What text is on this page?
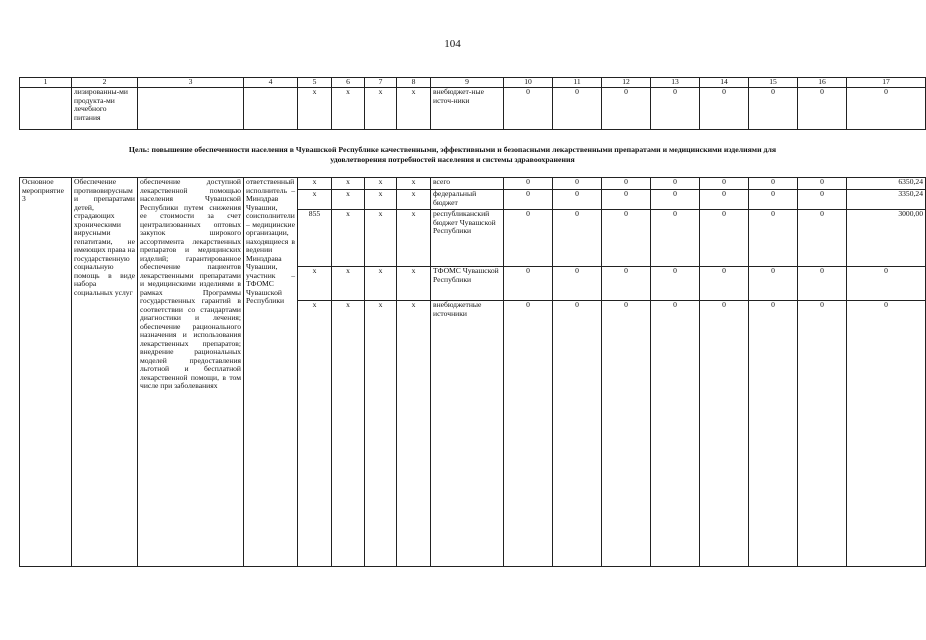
104
1	2	3	4	5	6	7	8	9	10	11	12	13	14	15	16	17
	лизированны-ми продукта-ми лечебного питания			х	х	х	х	внебюджет-ные источ-ники	0	0	0	0	0	0	0	0
Цель: повышение обеспеченности населения в Чувашской Республике качественными, эффективными и безопасными лекарственными препаратами и медицинскими изделиями для удовлетворения потребностей населения и системы здравоохранения
Основное мероприятие 3	Обеспечение противовирусными препаратами детей, страдающих хроническими вирусными гепатитами, не имеющих права на государственную социальную помощь в виде набора социальных услуг	обеспечение доступной лекарственной помощью населения Чувашской Республики путем снижения ее стоимости за счет централизованных оптовых закупок широкого ассортимента лекарственных препаратов и медицинских изделий; гарантированное обеспечение пациентов лекарственными препаратами и медицинскими изделиями в рамках Программы государственных гарантий в соответствии со стандартами диагностики и лечения; обеспечение рационального назначения и использования лекарственных препаратов; внедрение рациональных моделей предоставления льготной и бесплатной лекарственной помощи, в том числе при заболеваниях	ответственный исполнитель – Минздрав Чувашии, соисполнители – медицинские организации, находящиеся в ведении Минздрава Чувашии, участник – ТФОМС Чувашской Республики	х	х	х	х	всего	0	0	0	0	0	0	0	6350,24
				х	х	х	х	федеральный бюджет	0	0	0	0	0	0	0	3350,24
				855	х	х	х	республиканский бюджет Чувашской Республики	0	0	0	0	0	0	0	3000,00
				х	х	х	х	ТФОМС Чувашской Республики	0	0	0	0	0	0	0	0
				х	х	х	х	внебюджетные источники	0	0	0	0	0	0	0	0
